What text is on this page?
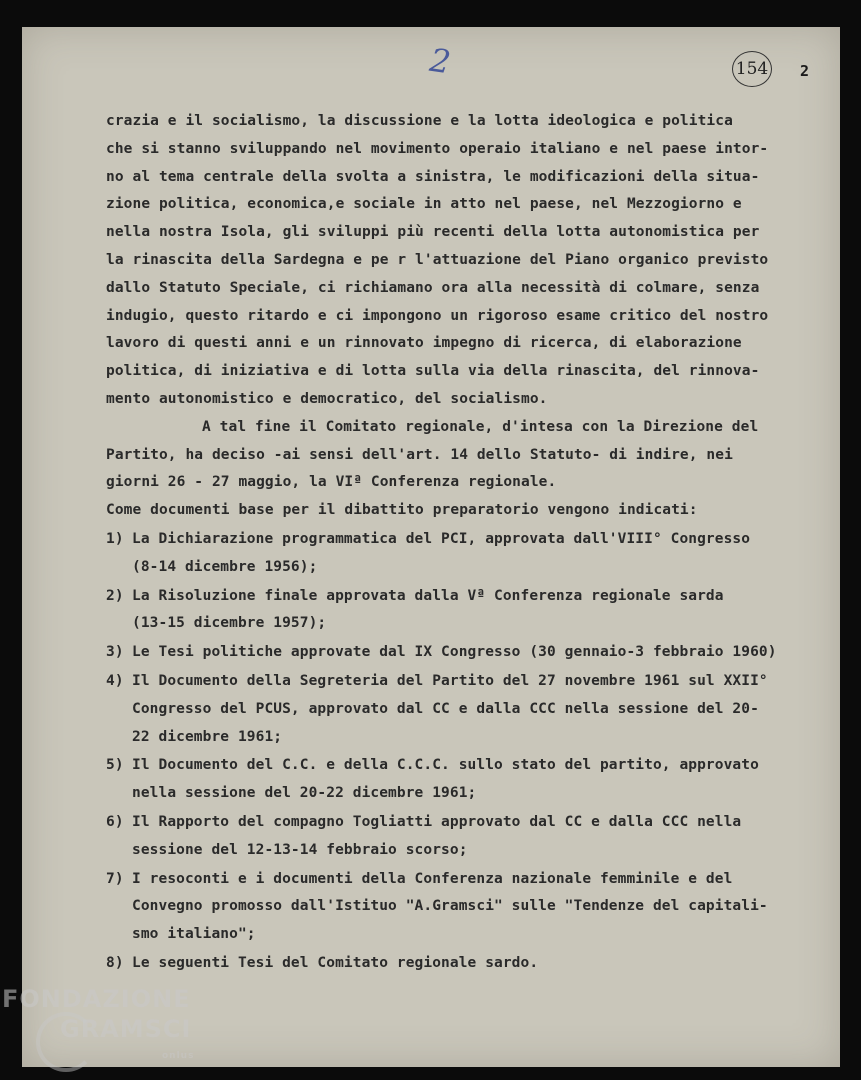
2	154 2
crazia e il socialismo, la discussione e la lotta ideologica e politica
che si stanno sviluppando nel movimento operaio italiano e nel paese intor-
no al tema centrale della svolta a sinistra, le modificazioni della situa-
zione politica, economica,e sociale in atto nel paese, nel Mezzogiorno e
nella nostra Isola, gli sviluppi più recenti della lotta autonomistica per
la rinascita della Sardegna e pe r l'attuazione del Piano organico previsto
dallo Statuto Speciale, ci richiamano ora alla necessità di colmare, senza
indugio, questo ritardo e ci impongono un rigoroso esame critico del nostro
lavoro di questi anni e un rinnovato impegno di ricerca, di elaborazione
politica, di iniziativa e di lotta sulla via della rinascita, del rinnova-
mento autonomistico e democratico, del socialismo.
A tal fine il Comitato regionale, d'intesa con la Direzione del
Partito, ha deciso -ai sensi dell'art. 14 dello Statuto- di indire, nei
giorni 26 - 27 maggio, la VIª Conferenza regionale.
Come documenti base per il dibattito preparatorio vengono indicati:
1) La Dichiarazione programmatica del PCI, approvata dall'VIII° Congresso
(8-14 dicembre 1956);
2) La Risoluzione finale approvata dalla Vª Conferenza regionale sarda
(13-15 dicembre 1957);
3) Le Tesi politiche approvate dal IX Congresso (30 gennaio-3 febbraio 1960)
4) Il Documento della Segreteria del Partito del 27 novembre 1961 sul XXII°
Congresso del PCUS, approvato dal CC e dalla CCC nella sessione del 20-
22 dicembre 1961;
5) Il Documento del C.C. e della C.C.C. sullo stato del partito, approvato
nella sessione del 20-22 dicembre 1961;
6) Il Rapporto del compagno Togliatti approvato dal CC e dalla CCC nella
sessione del 12-13-14 febbraio scorso;
7) I resoconti e i documenti della Conferenza nazionale femminile e del
Convegno promosso dall'Istituo "A.Gramsci" sulle "Tendenze del capitali-
smo italiano";
8) Le seguenti Tesi del Comitato regionale sardo.
FONDAZIONE
GRAMSCI
onlus
